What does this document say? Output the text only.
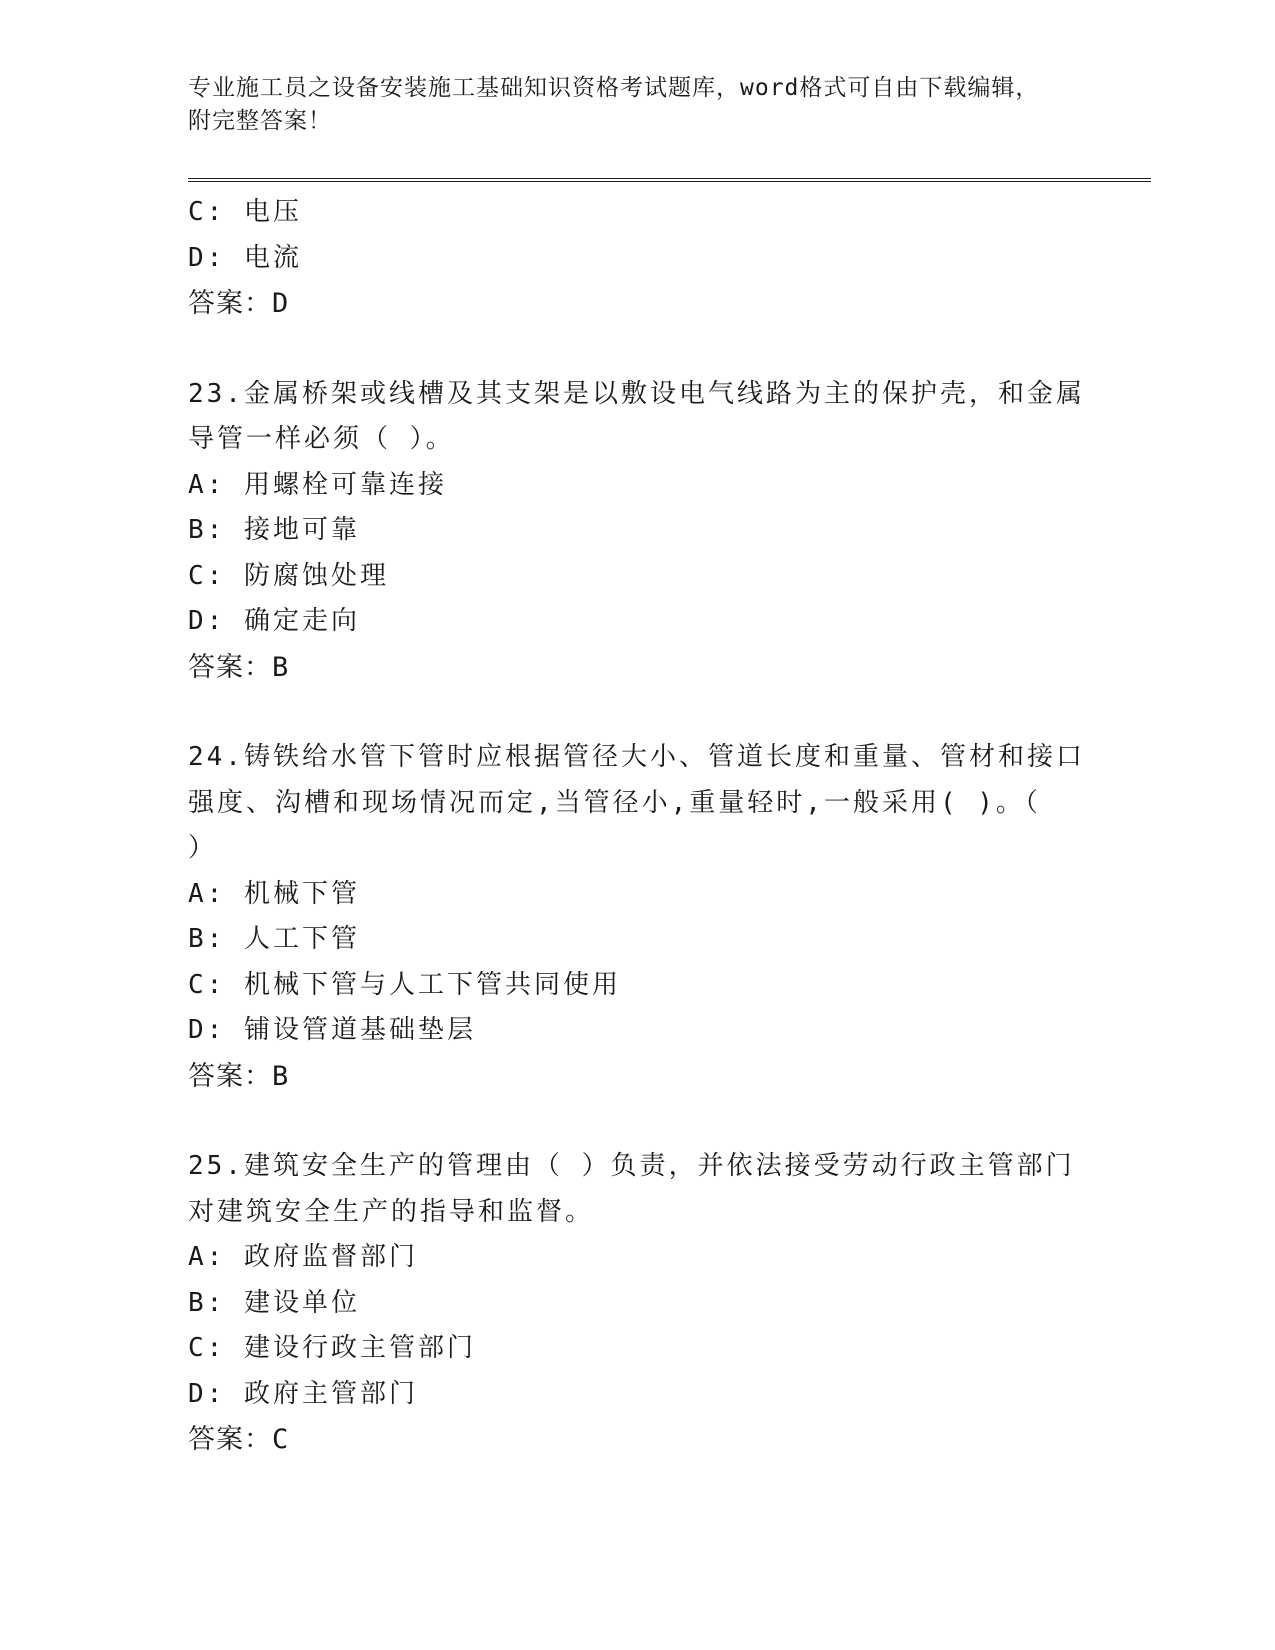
专业施工员之设备安装施工基础知识资格考试题库，word格式可自由下载编辑，
附完整答案！
C: 电压
D: 电流
答案：D
23.金属桥架或线槽及其支架是以敷设电气线路为主的保护壳，和金属
导管一样必须（ ）。
A: 用螺栓可靠连接
B: 接地可靠
C: 防腐蚀处理
D: 确定走向
答案：B
24.铸铁给水管下管时应根据管径大小、管道长度和重量、管材和接口
强度、沟槽和现场情况而定,当管径小,重量轻时,一般采用( )。（
）
A: 机械下管
B: 人工下管
C: 机械下管与人工下管共同使用
D: 铺设管道基础垫层
答案：B
25.建筑安全生产的管理由（ ）负责，并依法接受劳动行政主管部门
对建筑安全生产的指导和监督。
A: 政府监督部门
B: 建设单位
C: 建设行政主管部门
D: 政府主管部门
答案：C
